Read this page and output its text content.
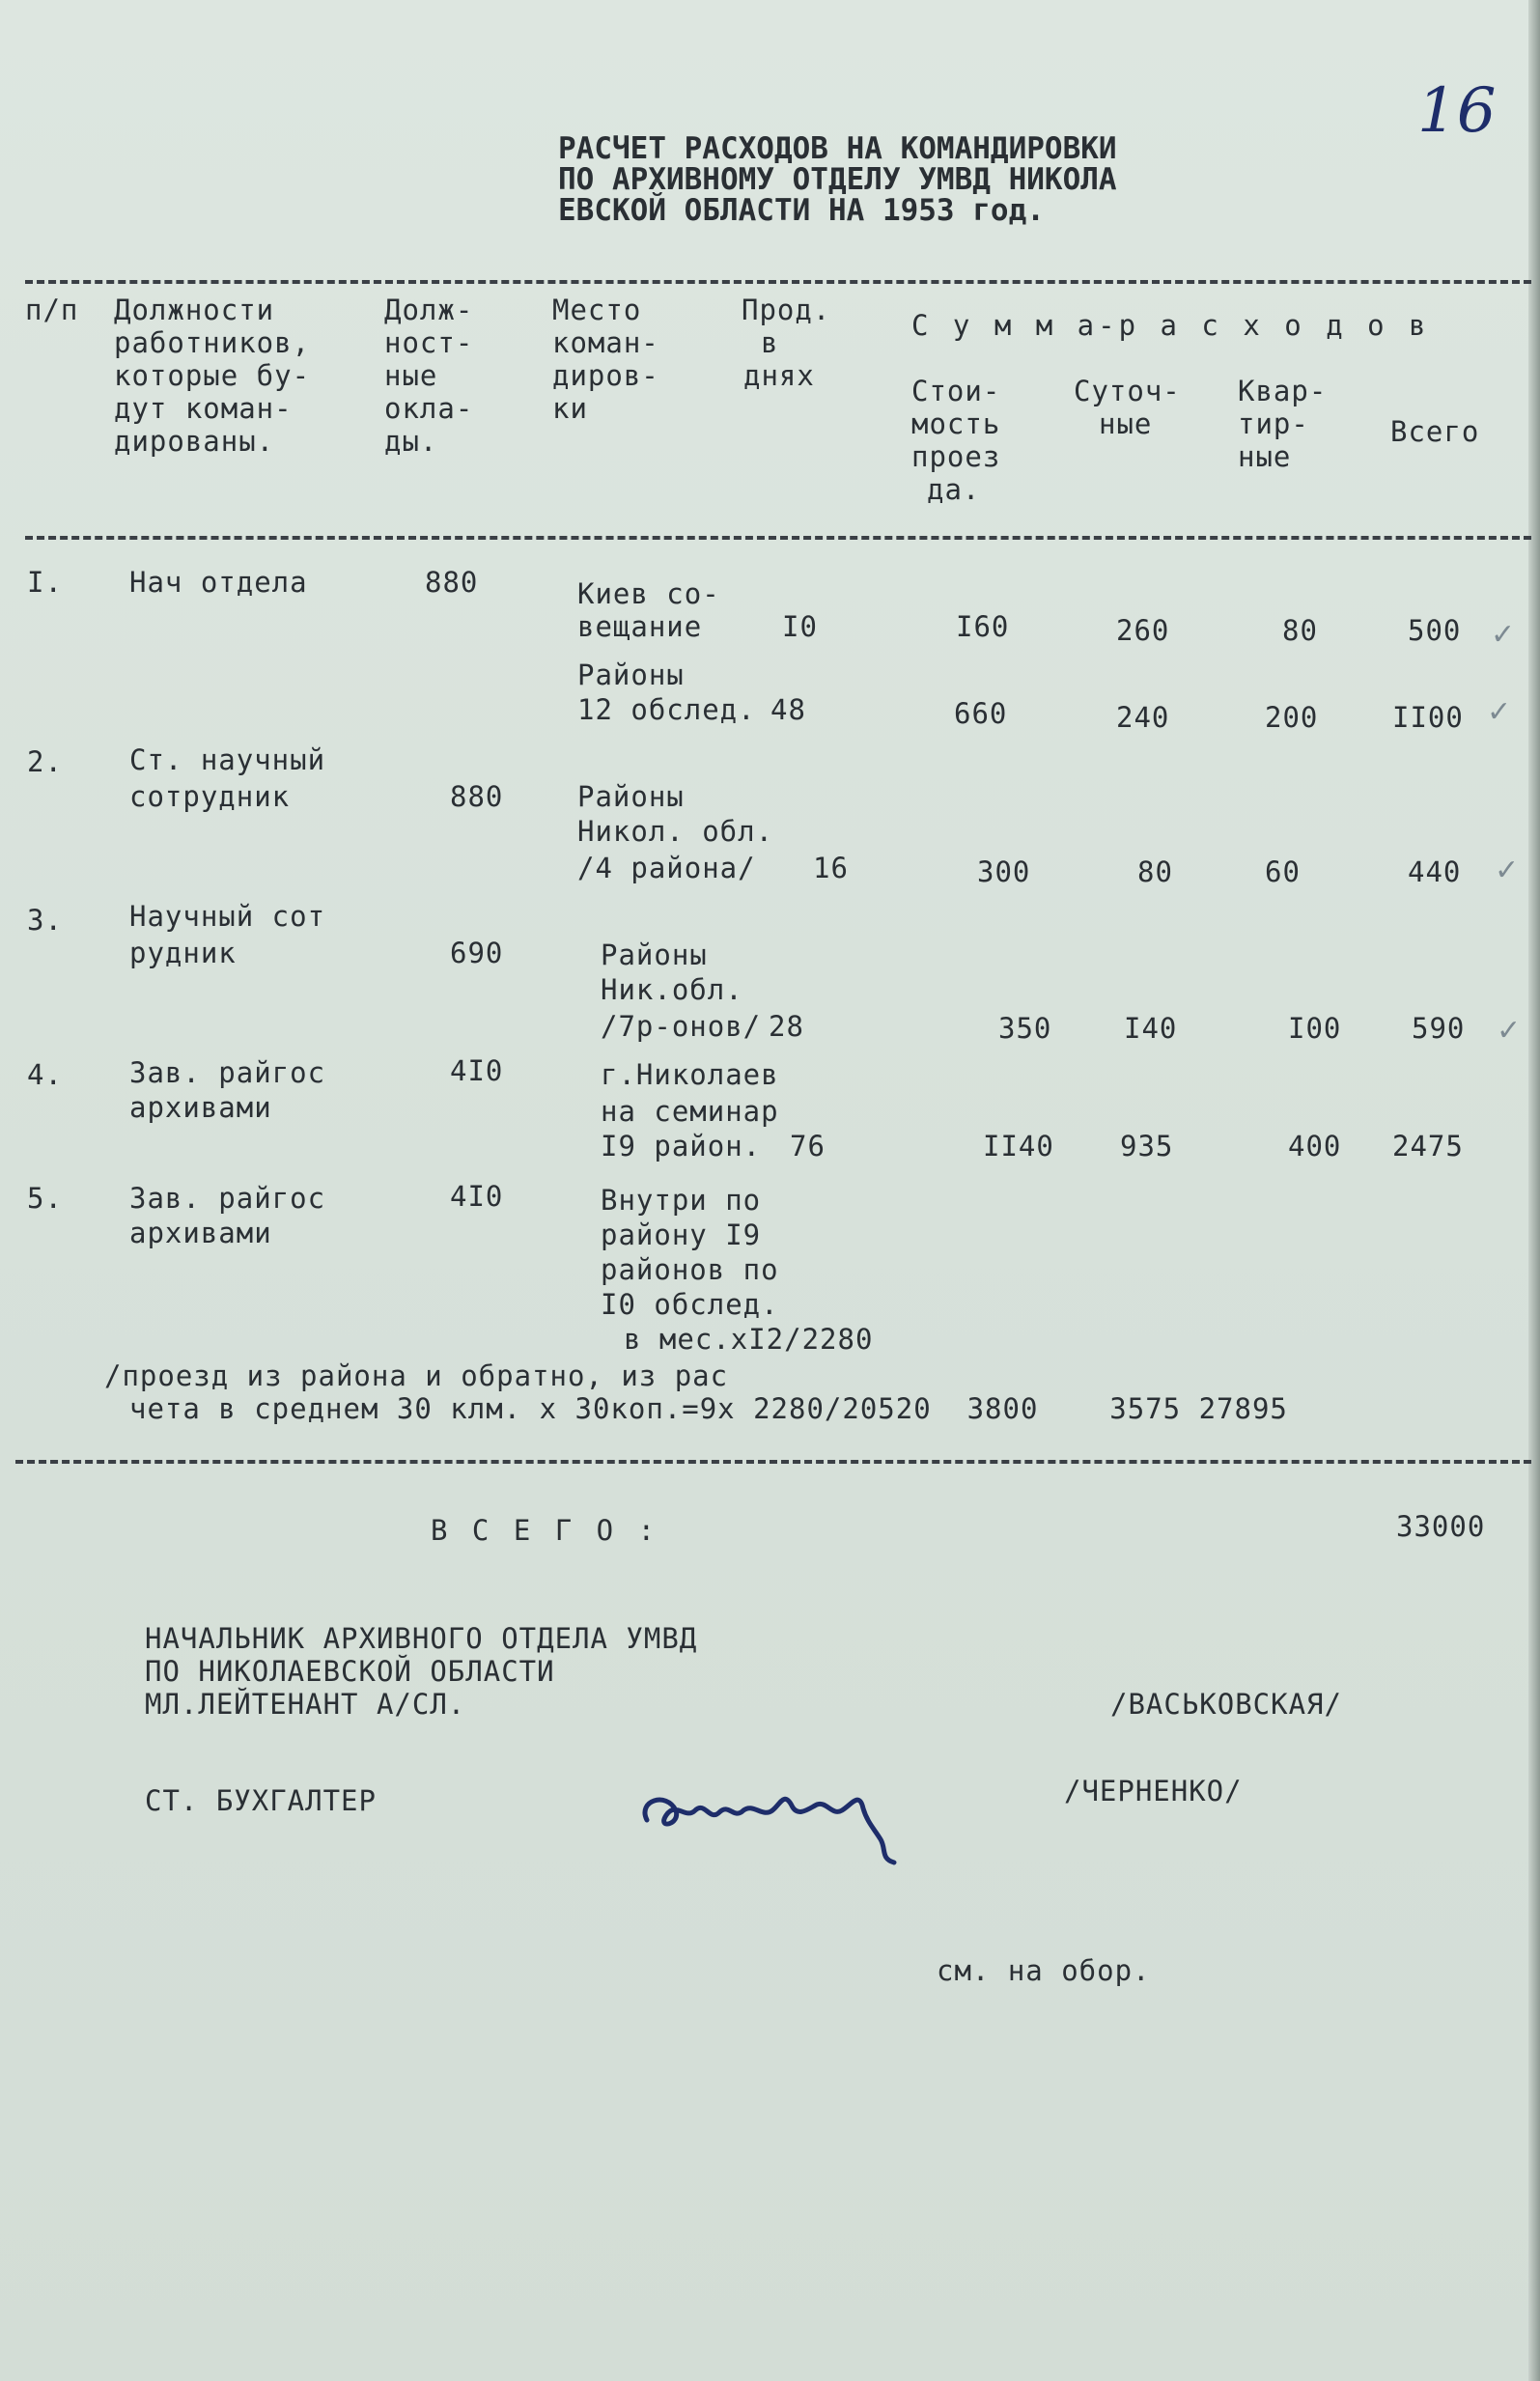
16
РАСЧЕТ РАСХОДОВ НА КОМАНДИРОВКИ
ПО АРХИВНОМУ ОТДЕЛУ УМВД НИКОЛА
ЕВСКОЙ ОБЛАСТИ НА 1953 год.
п/п Должности
работников,
которые бу-
дут коман-
дированы.
Долж-
ност-
ные
окла-
ды.
Место
коман-
диров-
ки
Прод.
в
днях
С у м м а-р а с х о д о в
Стои-
мость
проез
да.
Суточ-
ные
Квар-
тир-
ные
Всего
I. Нач отдела	880	Киев со-
вещание	I0	I60	260	80	500 ✓
Районы
12 обслед. 48	660	240	200	II00 ✓
2. Ст. научный
сотрудник	880	Районы
Никол. обл.
/4 района/ 16	300	80	60	440 ✓
3. Научный сот
рудник	690	Районы
Ник.обл.
/7р-онов/ 28	350	I40	I00	590 ✓
4. Зав. райгос
архивами
4I0	г.Николаев
на семинар
I9 район. 76	II40 935	400 2475
5. Зав. райгос
архивами
4I0	Внутри по
району I9
районов по
I0 обслед.
в мес.хI2/2280
/проезд из района и обратно, из рас
чета в среднем 30 клм. х 30коп.=9х 2280/20520  3800    3575 27895
В С Е Г О :	33000
НАЧАЛЬНИК АРХИВНОГО ОТДЕЛА УМВД
ПО НИКОЛАЕВСКОЙ ОБЛАСТИ
МЛ.ЛЕЙТЕНАНТ А/СЛ.	/ВАСЬКОВСКАЯ/
СТ. БУХГАЛТЕР	/ЧЕРНЕНКО/
см. на обор.
